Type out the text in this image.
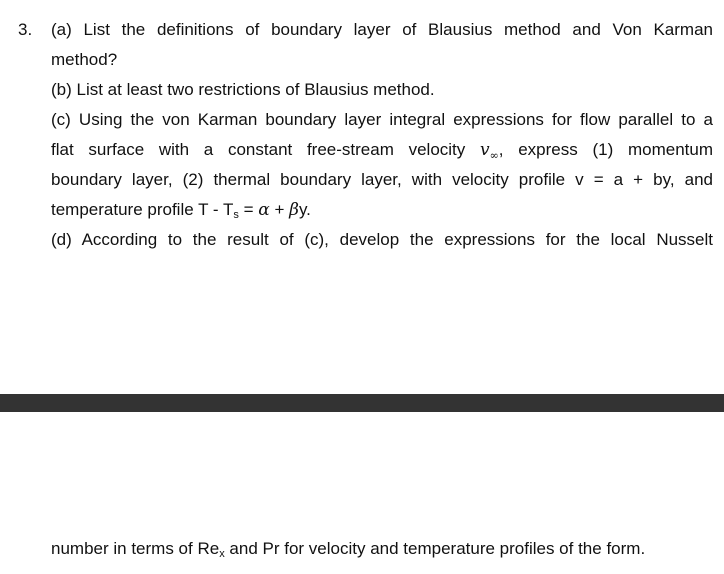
3. (a) List the definitions of boundary layer of Blausius method and Von Karman
method?
(b) List at least two restrictions of Blausius method.
(c) Using the von Karman boundary layer integral expressions for flow parallel to a
flat surface with a constant free-stream velocity $v_\infty$, express (1) momentum
boundary layer, (2) thermal boundary layer, with velocity profile v = a + by, and
temperature profile $T - T_s = \alpha + \beta y$.
(d) According to the result of (c), develop the expressions for the local Nusselt
number in terms of $Re_x$ and Pr for velocity and temperature profiles of the form.
